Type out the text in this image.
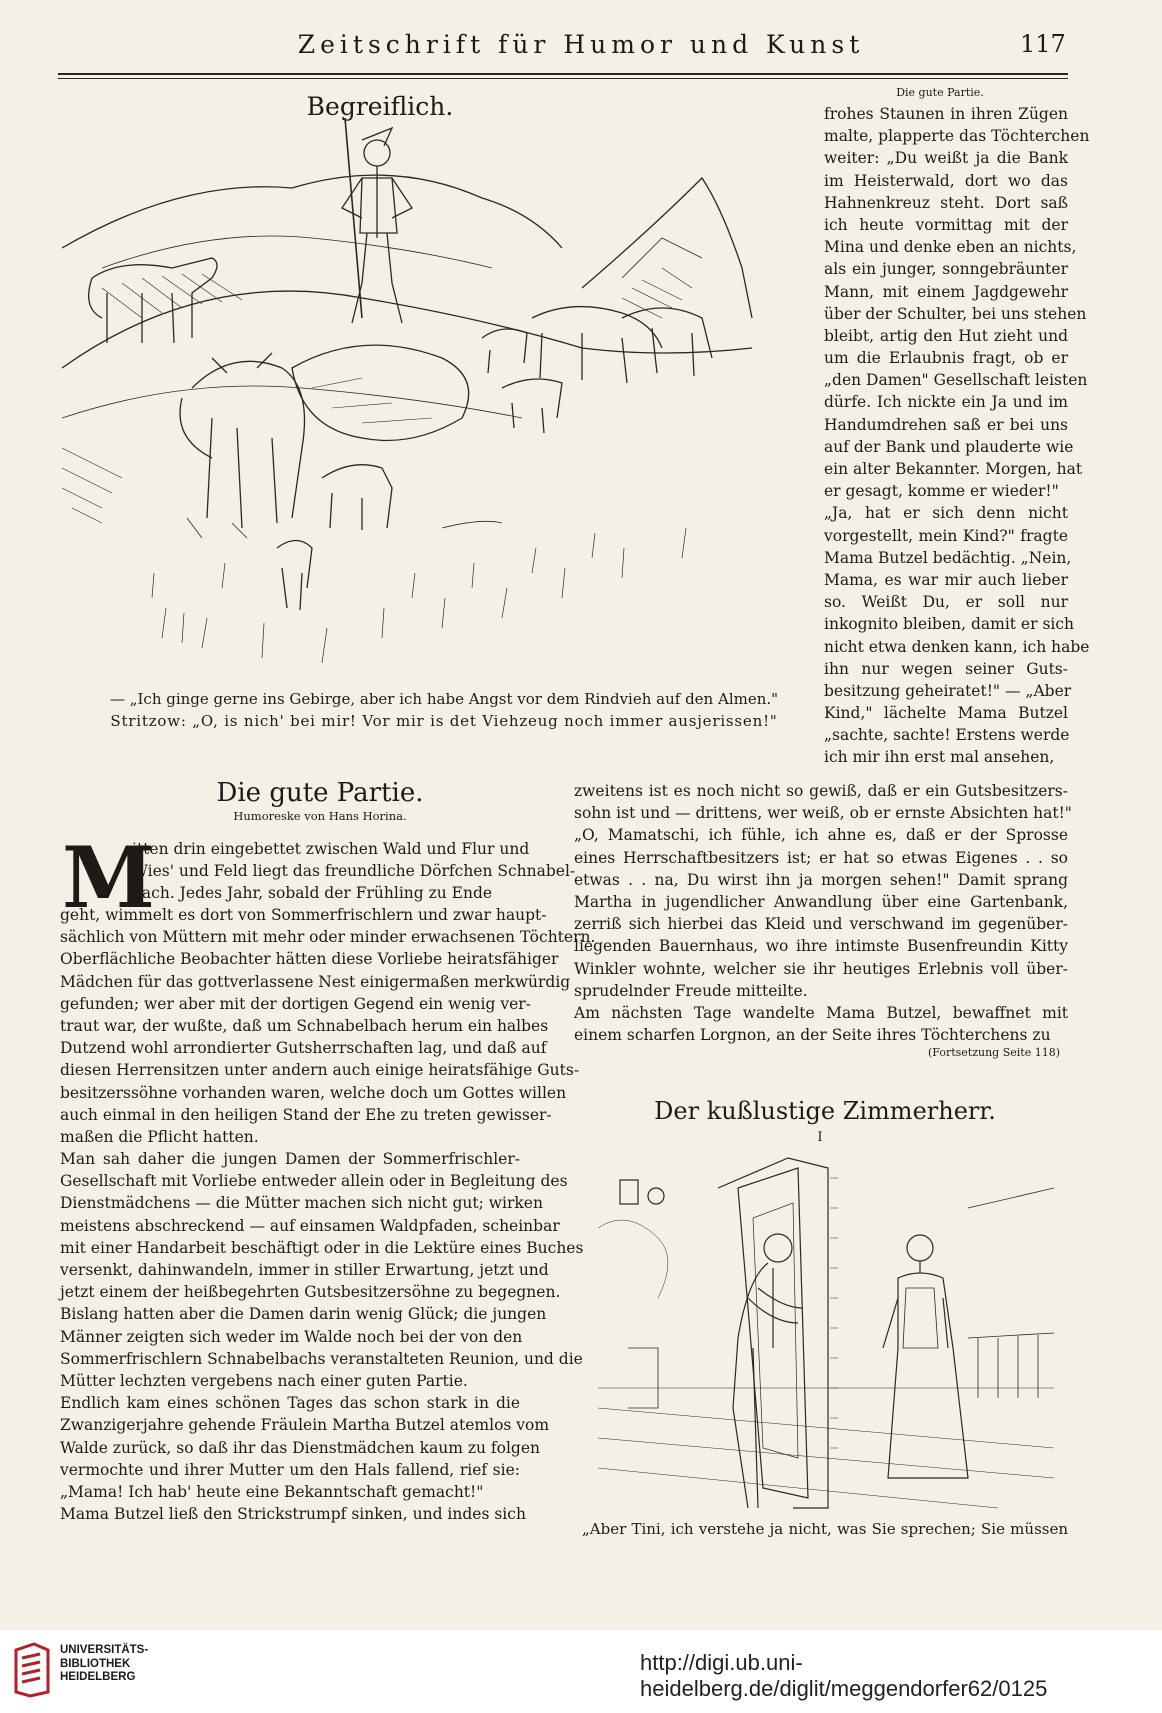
Zeitschrift für Humor und Kunst	117
Begreiflich.
— „Ich ginge gerne ins Gebirge, aber ich habe Angst vor dem Rindvieh auf den Almen."
Stritzow: „O, is nich' bei mir! Vor mir is det Viehzeug noch immer ausjerissen!"
Die gute Partie.
frohes Staunen in ihren Zügen
malte, plapperte das Töchterchen
weiter: „Du weißt ja die Bank
im Heisterwald, dort wo das
Hahnenkreuz steht. Dort saß
ich heute vormittag mit der
Mina und denke eben an nichts,
als ein junger, sonngebräunter
Mann, mit einem Jagdgewehr
über der Schulter, bei uns stehen
bleibt, artig den Hut zieht und
um die Erlaubnis fragt, ob er
„den Damen" Gesellschaft leisten
dürfe. Ich nickte ein Ja und im
Handumdrehen saß er bei uns
auf der Bank und plauderte wie
ein alter Bekannter. Morgen, hat
er gesagt, komme er wieder!"
„Ja, hat er sich denn nicht
vorgestellt, mein Kind?" fragte
Mama Butzel bedächtig. „Nein,
Mama, es war mir auch lieber
so. Weißt Du, er soll nur
inkognito bleiben, damit er sich
nicht etwa denken kann, ich habe
ihn nur wegen seiner Guts-
besitzung geheiratet!" — „Aber
Kind," lächelte Mama Butzel
„sachte, sachte! Erstens werde
ich mir ihn erst mal ansehen,
Die gute Partie.
Humoreske von Hans Horina.
M
itten drin eingebettet zwischen Wald und Flur und
Wies' und Feld liegt das freundliche Dörfchen Schnabel-
bach. Jedes Jahr, sobald der Frühling zu Ende
geht, wimmelt es dort von Sommerfrischlern und zwar haupt-
sächlich von Müttern mit mehr oder minder erwachsenen Töchtern.
Oberflächliche Beobachter hätten diese Vorliebe heiratsfähiger
Mädchen für das gottverlassene Nest einigermaßen merkwürdig
gefunden; wer aber mit der dortigen Gegend ein wenig ver-
traut war, der wußte, daß um Schnabelbach herum ein halbes
Dutzend wohl arrondierter Gutsherrschaften lag, und daß auf
diesen Herrensitzen unter andern auch einige heiratsfähige Guts-
besitzerssöhne vorhanden waren, welche doch um Gottes willen
auch einmal in den heiligen Stand der Ehe zu treten gewisser-
maßen die Pflicht hatten.
Man sah daher die jungen Damen der Sommerfrischler-
Gesellschaft mit Vorliebe entweder allein oder in Begleitung des
Dienstmädchens — die Mütter machen sich nicht gut; wirken
meistens abschreckend — auf einsamen Waldpfaden, scheinbar
mit einer Handarbeit beschäftigt oder in die Lektüre eines Buches
versenkt, dahinwandeln, immer in stiller Erwartung, jetzt und
jetzt einem der heißbegehrten Gutsbesitzersöhne zu begegnen.
Bislang hatten aber die Damen darin wenig Glück; die jungen
Männer zeigten sich weder im Walde noch bei der von den
Sommerfrischlern Schnabelbachs veranstalteten Reunion, und die
Mütter lechzten vergebens nach einer guten Partie.
Endlich kam eines schönen Tages das schon stark in die
Zwanzigerjahre gehende Fräulein Martha Butzel atemlos vom
Walde zurück, so daß ihr das Dienstmädchen kaum zu folgen
vermochte und ihrer Mutter um den Hals fallend, rief sie:
„Mama! Ich hab' heute eine Bekanntschaft gemacht!"
Mama Butzel ließ den Strickstrumpf sinken, und indes sich
zweitens ist es noch nicht so gewiß, daß er ein Gutsbesitzers-
sohn ist und — drittens, wer weiß, ob er ernste Absichten hat!"
„O, Mamatschi, ich fühle, ich ahne es, daß er der Sprosse
eines Herrschaftbesitzers ist; er hat so etwas Eigenes . . so
etwas . . na, Du wirst ihn ja morgen sehen!" Damit sprang
Martha in jugendlicher Anwandlung über eine Gartenbank,
zerriß sich hierbei das Kleid und verschwand im gegenüber-
liegenden Bauernhaus, wo ihre intimste Busenfreundin Kitty
Winkler wohnte, welcher sie ihr heutiges Erlebnis voll über-
sprudelnder Freude mitteilte.
Am nächsten Tage wandelte Mama Butzel, bewaffnet mit
einem scharfen Lorgnon, an der Seite ihres Töchterchens zu
(Fortsetzung Seite 118)
Der kußlustige Zimmerherr.
I
„Aber Tini, ich verstehe ja nicht, was Sie sprechen; Sie müssen
UNIVERSITÄTS-
BIBLIOTHEK
HEIDELBERG
http://digi.ub.uni-heidelberg.de/diglit/meggendorfer62/0125
